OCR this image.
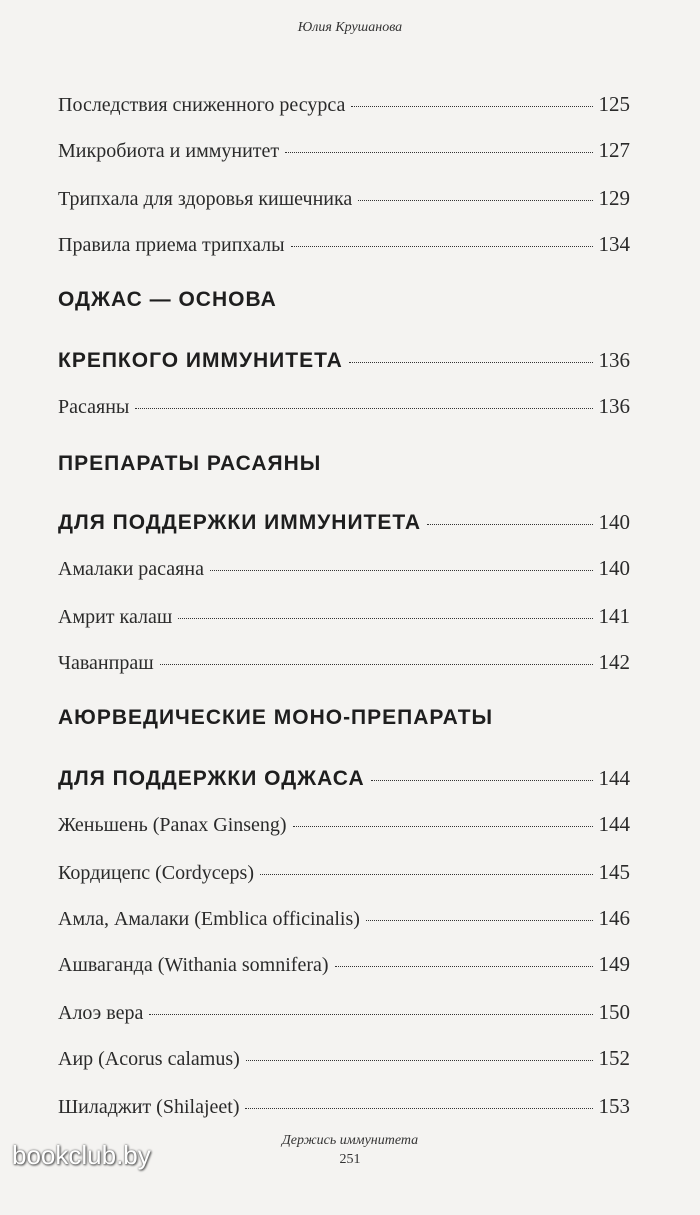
Юлия Крушанова
Последствия сниженного ресурса	125
Микробиота и иммунитет	127
Трипхала для здоровья кишечника	129
Правила приема трипхалы	134
ОДЖАС — ОСНОВА
КРЕПКОГО ИММУНИТЕТА	136
Расаяны	136
ПРЕПАРАТЫ РАСАЯНЫ
ДЛЯ ПОДДЕРЖКИ ИММУНИТЕТА	140
Амалаки расаяна	140
Амрит калаш	141
Чаванпраш	142
АЮРВЕДИЧЕСКИЕ МОНО-ПРЕПАРАТЫ
ДЛЯ ПОДДЕРЖКИ ОДЖАСА	144
Женьшень (Panax Ginseng)	144
Кордицепс (Cordyceps)	145
Амла, Амалаки (Emblica officinalis)	146
Ашваганда (Withania somnifera)	149
Алоэ вера	150
Аир (Acorus calamus)	152
Шиладжит (Shilajeet)	153
Держись иммунитета
251
bookclub.by
